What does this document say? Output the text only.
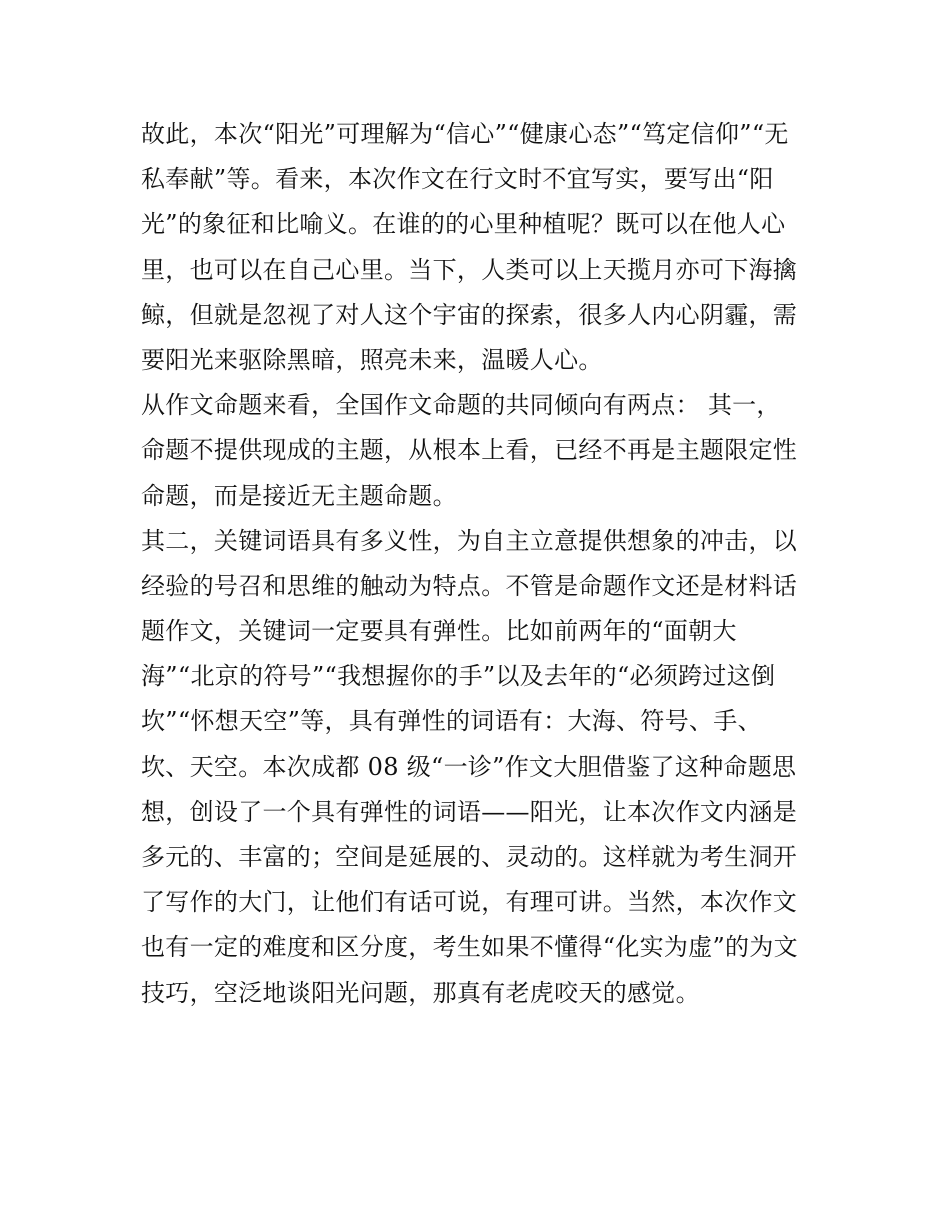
故此，本次“阳光”可理解为“信心”“健康心态”“笃定信仰”“无
私奉献”等。看来，本次作文在行文时不宜写实，要写出“阳
光”的象征和比喻义。在谁的的心里种植呢？既可以在他人心
里，也可以在自己心里。当下，人类可以上天揽月亦可下海擒
鲸，但就是忽视了对人这个宇宙的探索，很多人内心阴霾，需
要阳光来驱除黑暗，照亮未来，温暖人心。
从作文命题来看，全国作文命题的共同倾向有两点： 其一，
命题不提供现成的主题，从根本上看，已经不再是主题限定性
命题，而是接近无主题命题。
其二，关键词语具有多义性，为自主立意提供想象的冲击，以
经验的号召和思维的触动为特点。不管是命题作文还是材料话
题作文，关键词一定要具有弹性。比如前两年的“面朝大
海”“北京的符号”“我想握你的手”以及去年的“必须跨过这倒
坎”“怀想天空”等，具有弹性的词语有：大海、符号、手、
坎、天空。本次成都 08 级“一诊”作文大胆借鉴了这种命题思
想，创设了一个具有弹性的词语——阳光，让本次作文内涵是
多元的、丰富的；空间是延展的、灵动的。这样就为考生洞开
了写作的大门，让他们有话可说，有理可讲。当然，本次作文
也有一定的难度和区分度，考生如果不懂得“化实为虚”的为文
技巧，空泛地谈阳光问题，那真有老虎咬天的感觉。
